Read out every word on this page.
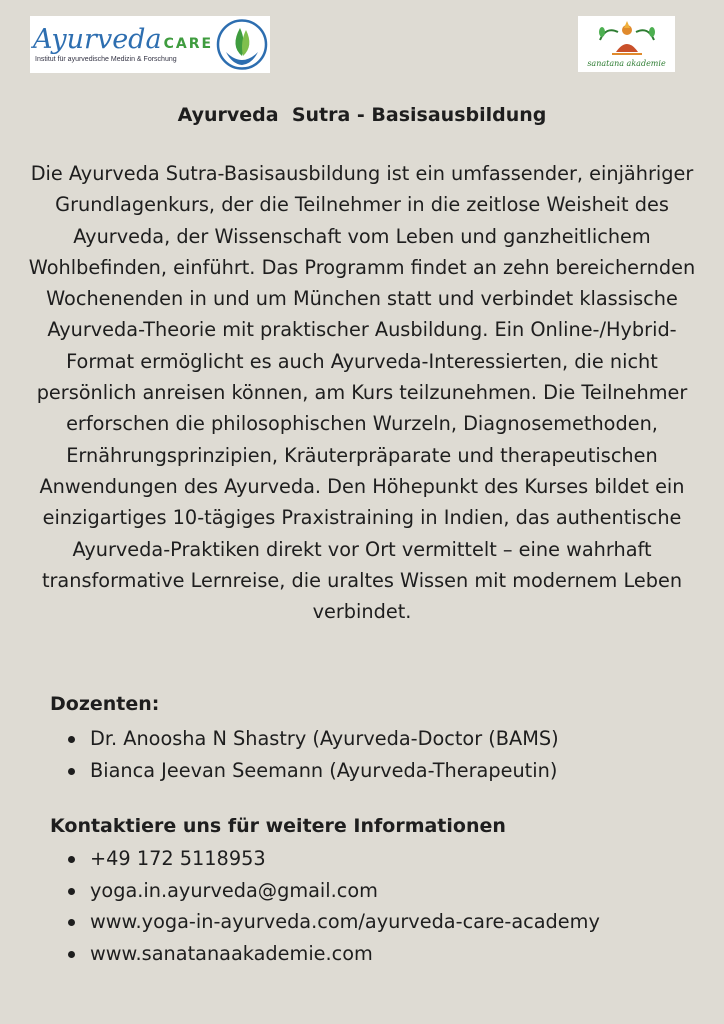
Ayurveda CARE
Institut für ayurvedische Medizin & Forschung	sanatana akademie
Ayurveda  Sutra - Basisausbildung
Die Ayurveda Sutra-Basisausbildung ist ein umfassender, einjähriger Grundlagenkurs, der die Teilnehmer in die zeitlose Weisheit des Ayurveda, der Wissenschaft vom Leben und ganzheitlichem Wohlbefinden, einführt. Das Programm findet an zehn bereichernden Wochenenden in und um München statt und verbindet klassische Ayurveda-Theorie mit praktischer Ausbildung. Ein Online-/Hybrid-Format ermöglicht es auch Ayurveda-Interessierten, die nicht persönlich anreisen können, am Kurs teilzunehmen. Die Teilnehmer erforschen die philosophischen Wurzeln, Diagnosemethoden, Ernährungsprinzipien, Kräuterpräparate und therapeutischen Anwendungen des Ayurveda. Den Höhepunkt des Kurses bildet ein einzigartiges 10-tägiges Praxistraining in Indien, das authentische Ayurveda-Praktiken direkt vor Ort vermittelt – eine wahrhaft transformative Lernreise, die uraltes Wissen mit modernem Leben verbindet.
Dozenten:
Dr. Anoosha N Shastry (Ayurveda-Doctor (BAMS)
Bianca Jeevan Seemann (Ayurveda-Therapeutin)
Kontaktiere uns für weitere Informationen
+49 172 5118953
yoga.in.ayurveda@gmail.com
www.yoga-in-ayurveda.com/ayurveda-care-academy
www.sanatanaakademie.com
